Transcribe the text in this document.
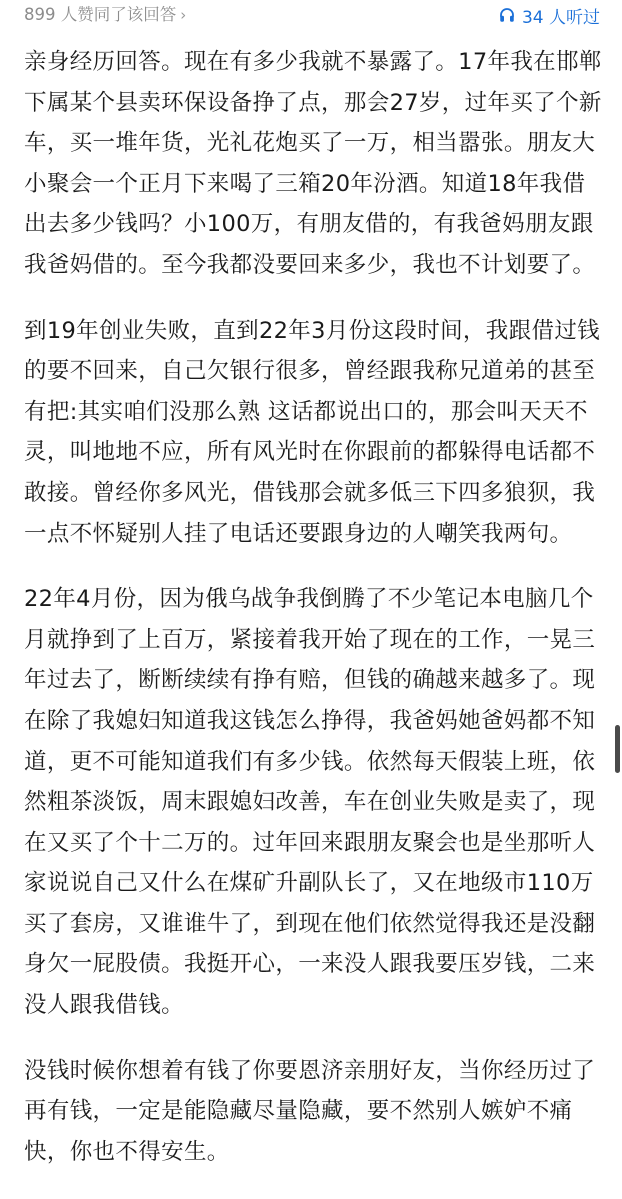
899 人赞同了该回答 ›	34 人听过

亲身经历回答。现在有多少我就不暴露了。17年我在邯郸下属某个县卖环保设备挣了点，那会27岁，过年买了个新车，买一堆年货，光礼花炮买了一万，相当嚣张。朋友大小聚会一个正月下来喝了三箱20年汾酒。知道18年我借出去多少钱吗？小100万，有朋友借的，有我爸妈朋友跟我爸妈借的。至今我都没要回来多少，我也不计划要了。

到19年创业失败，直到22年3月份这段时间，我跟借过钱的要不回来，自己欠银行很多，曾经跟我称兄道弟的甚至有把:其实咱们没那么熟 这话都说出口的，那会叫天天不灵，叫地地不应，所有风光时在你跟前的都躲得电话都不敢接。曾经你多风光，借钱那会就多低三下四多狼狈，我一点不怀疑别人挂了电话还要跟身边的人嘲笑我两句。

22年4月份，因为俄乌战争我倒腾了不少笔记本电脑几个月就挣到了上百万，紧接着我开始了现在的工作，一晃三年过去了，断断续续有挣有赔，但钱的确越来越多了。现在除了我媳妇知道我这钱怎么挣得，我爸妈她爸妈都不知道，更不可能知道我们有多少钱。依然每天假装上班，依然粗茶淡饭，周末跟媳妇改善，车在创业失败是卖了，现在又买了个十二万的。过年回来跟朋友聚会也是坐那听人家说说自己又什么在煤矿升副队长了，又在地级市110万买了套房，又谁谁牛了，到现在他们依然觉得我还是没翻身欠一屁股债。我挺开心，一来没人跟我要压岁钱，二来没人跟我借钱。

没钱时候你想着有钱了你要恩济亲朋好友，当你经历过了再有钱，一定是能隐藏尽量隐藏，要不然别人嫉妒不痛快，你也不得安生。
